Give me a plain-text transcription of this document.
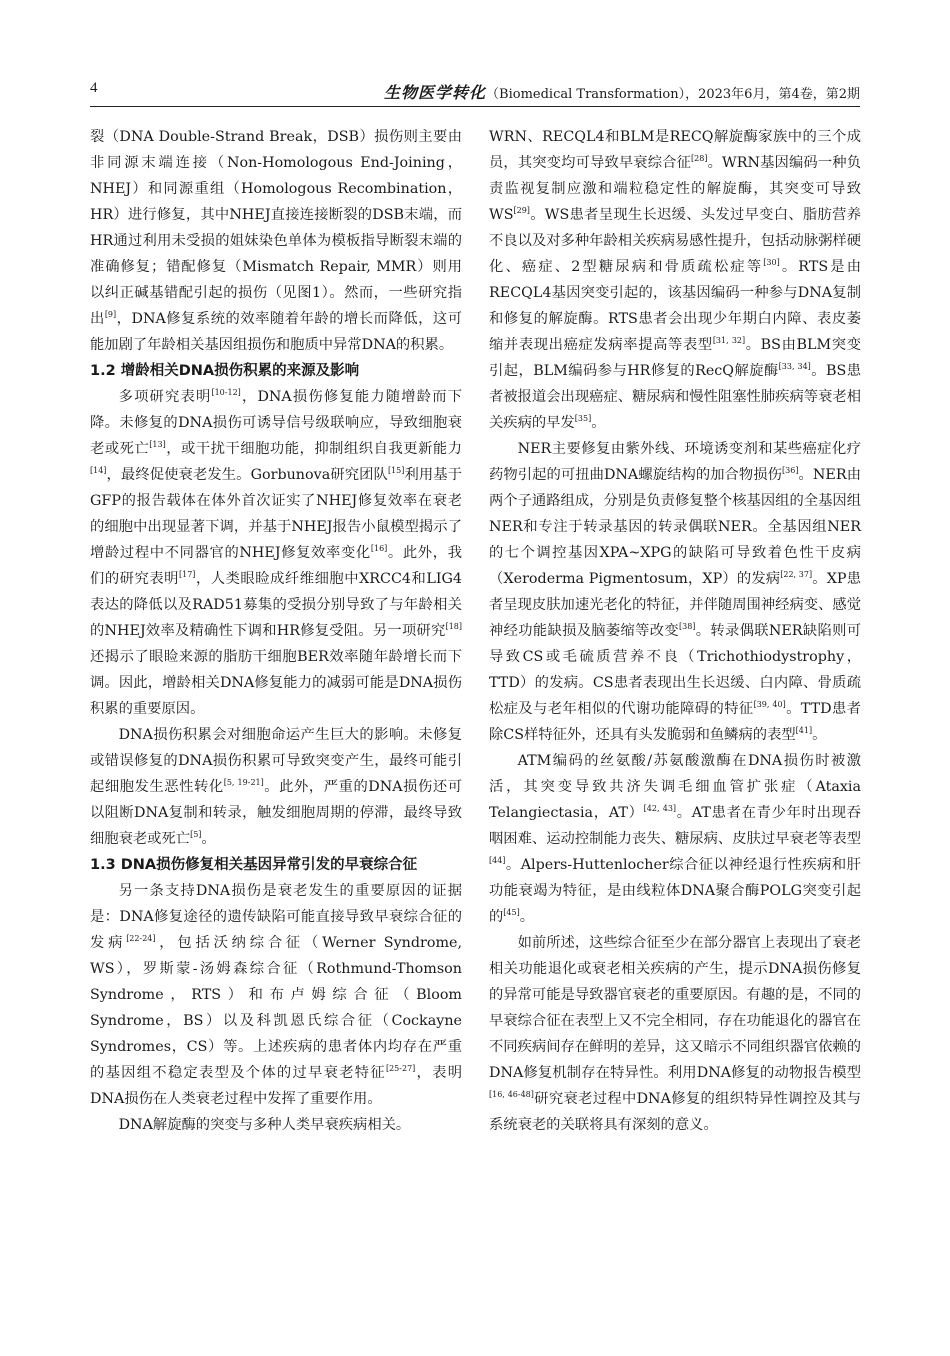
4	生物医学转化（Biomedical Transformation），2023年6月，第4卷，第2期

裂（DNA Double-Strand Break，DSB）损伤则主要由非同源末端连接（Non-Homologous End-Joining，NHEJ）和同源重组（Homologous Recombination，HR）进行修复，其中NHEJ直接连接断裂的DSB末端，而HR通过利用未受损的姐妹染色单体为模板指导断裂末端的准确修复；错配修复（Mismatch Repair, MMR）则用以纠正碱基错配引起的损伤（见图1）。然而，一些研究指出[9]，DNA修复系统的效率随着年龄的增长而降低，这可能加剧了年龄相关基因组损伤和胞质中异常DNA的积累。

1.2 增龄相关DNA损伤积累的来源及影响

多项研究表明[10-12]，DNA损伤修复能力随增龄而下降。未修复的DNA损伤可诱导信号级联响应，导致细胞衰老或死亡[13]，或干扰干细胞功能，抑制组织自我更新能力[14]，最终促使衰老发生。Gorbunova研究团队[15]利用基于GFP的报告载体在体外首次证实了NHEJ修复效率在衰老的细胞中出现显著下调，并基于NHEJ报告小鼠模型揭示了增龄过程中不同器官的NHEJ修复效率变化[16]。此外，我们的研究表明[17]，人类眼睑成纤维细胞中XRCC4和LIG4表达的降低以及RAD51募集的受损分别导致了与年龄相关的NHEJ效率及精确性下调和HR修复受阻。另一项研究[18]还揭示了眼睑来源的脂肪干细胞BER效率随年龄增长而下调。因此，增龄相关DNA修复能力的减弱可能是DNA损伤积累的重要原因。

DNA损伤积累会对细胞命运产生巨大的影响。未修复或错误修复的DNA损伤积累可导致突变产生，最终可能引起细胞发生恶性转化[5, 19-21]。此外，严重的DNA损伤还可以阻断DNA复制和转录，触发细胞周期的停滞，最终导致细胞衰老或死亡[5]。

1.3 DNA损伤修复相关基因异常引发的早衰综合征

另一条支持DNA损伤是衰老发生的重要原因的证据是：DNA修复途径的遗传缺陷可能直接导致早衰综合征的发病[22-24]，包括沃纳综合征（Werner Syndrome, WS），罗斯蒙-汤姆森综合征（Rothmund-Thomson Syndrome，RTS）和布卢姆综合征（Bloom Syndrome，BS）以及科凯恩氏综合征（Cockayne Syndromes，CS）等。上述疾病的患者体内均存在严重的基因组不稳定表型及个体的过早衰老特征[25-27]，表明DNA损伤在人类衰老过程中发挥了重要作用。

DNA解旋酶的突变与多种人类早衰疾病相关。

WRN、RECQL4和BLM是RECQ解旋酶家族中的三个成员，其突变均可导致早衰综合征[28]。WRN基因编码一种负责监视复制应激和端粒稳定性的解旋酶，其突变可导致WS[29]。WS患者呈现生长迟缓、头发过早变白、脂肪营养不良以及对多种年龄相关疾病易感性提升，包括动脉粥样硬化、癌症、2型糖尿病和骨质疏松症等[30]。RTS是由RECQL4基因突变引起的，该基因编码一种参与DNA复制和修复的解旋酶。RTS患者会出现少年期白内障、表皮萎缩并表现出癌症发病率提高等表型[31, 32]。BS由BLM突变引起，BLM编码参与HR修复的RecQ解旋酶[33, 34]。BS患者被报道会出现癌症、糖尿病和慢性阻塞性肺疾病等衰老相关疾病的早发[35]。

NER主要修复由紫外线、环境诱变剂和某些癌症化疗药物引起的可扭曲DNA螺旋结构的加合物损伤[36]。NER由两个子通路组成，分别是负责修复整个核基因组的全基因组NER和专注于转录基因的转录偶联NER。全基因组NER的七个调控基因XPA~XPG的缺陷可导致着色性干皮病（Xeroderma Pigmentosum，XP）的发病[22, 37]。XP患者呈现皮肤加速光老化的特征，并伴随周围神经病变、感觉神经功能缺损及脑萎缩等改变[38]。转录偶联NER缺陷则可导致CS或毛硫质营养不良（Trichothiodystrophy，TTD）的发病。CS患者表现出生长迟缓、白内障、骨质疏松症及与老年相似的代谢功能障碍的特征[39, 40]。TTD患者除CS样特征外，还具有头发脆弱和鱼鳞病的表型[41]。

ATM编码的丝氨酸/苏氨酸激酶在DNA损伤时被激活，其突变导致共济失调毛细血管扩张症（Ataxia Telangiectasia，AT）[42, 43]。AT患者在青少年时出现吞咽困难、运动控制能力丧失、糖尿病、皮肤过早衰老等表型[44]。Alpers-Huttenlocher综合征以神经退行性疾病和肝功能衰竭为特征，是由线粒体DNA聚合酶POLG突变引起的[45]。

如前所述，这些综合征至少在部分器官上表现出了衰老相关功能退化或衰老相关疾病的产生，提示DNA损伤修复的异常可能是导致器官衰老的重要原因。有趣的是，不同的早衰综合征在表型上又不完全相同，存在功能退化的器官在不同疾病间存在鲜明的差异，这又暗示不同组织器官依赖的DNA修复机制存在特异性。利用DNA修复的动物报告模型[16, 46-48]研究衰老过程中DNA修复的组织特异性调控及其与系统衰老的关联将具有深刻的意义。
